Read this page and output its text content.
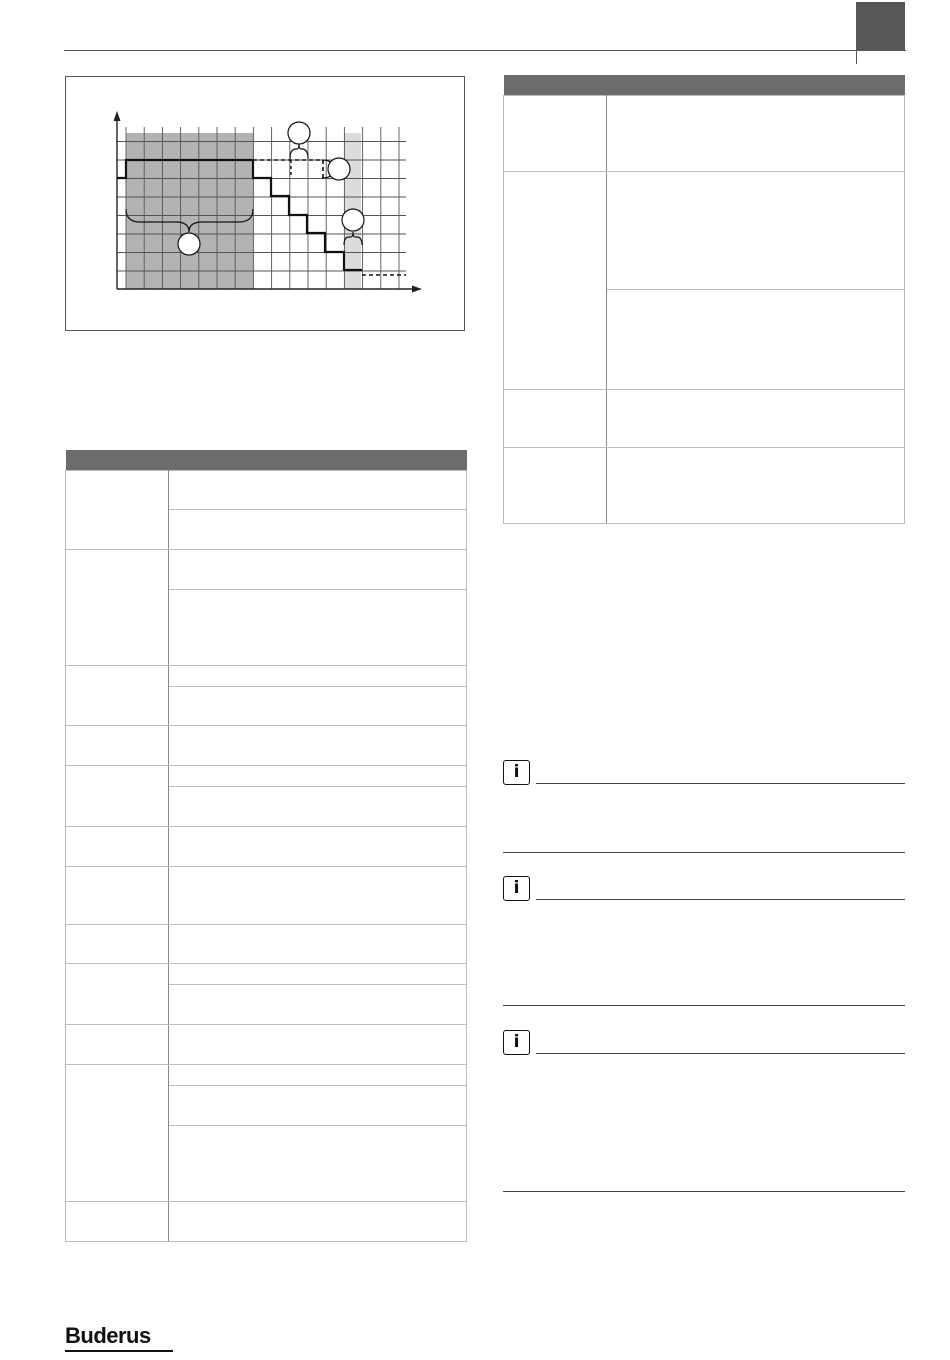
i
i
i
Buderus
